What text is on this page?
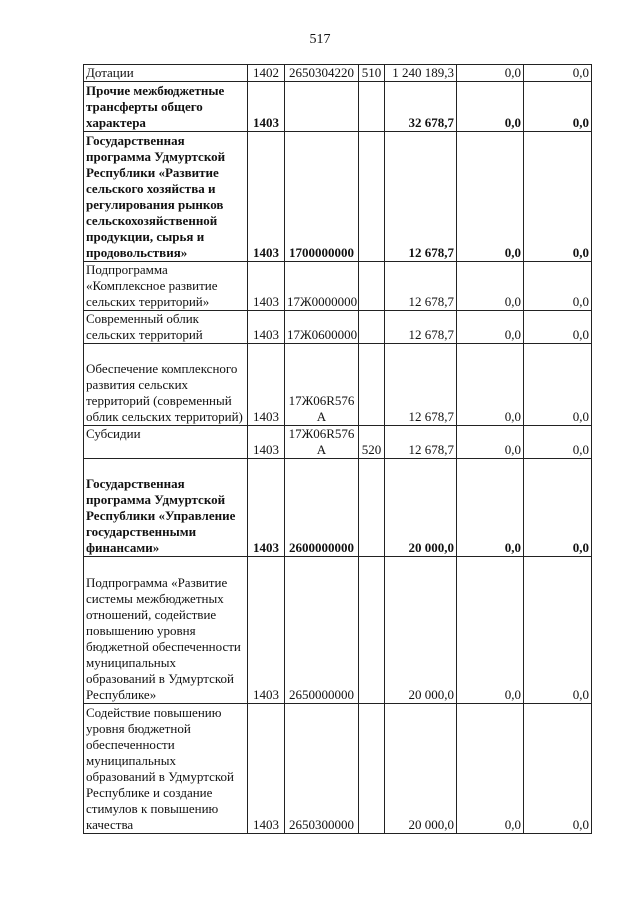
517
Дотации	1402	2650304220	510	1 240 189,3	0,0	0,0
Прочие межбюджетные трансферты общего характера	1403			32 678,7	0,0	0,0
Государственная программа Удмуртской Республики «Развитие сельского хозяйства и регулирования рынков сельскохозяйственной продукции, сырья и продовольствия»	1403	1700000000		12 678,7	0,0	0,0
Подпрограмма «Комплексное развитие сельских территорий»	1403	17Ж0000000		12 678,7	0,0	0,0
Современный облик сельских территорий	1403	17Ж0600000		12 678,7	0,0	0,0
Обеспечение комплексного развития сельских территорий (современный облик сельских территорий)	1403	17Ж06R576 А		12 678,7	0,0	0,0
Субсидии	1403	17Ж06R576 А	520	12 678,7	0,0	0,0
Государственная программа Удмуртской Республики «Управление государственными финансами»	1403	2600000000		20 000,0	0,0	0,0
Подпрограмма «Развитие системы межбюджетных отношений, содействие повышению уровня бюджетной обеспеченности муниципальных образований в Удмуртской Республике»	1403	2650000000		20 000,0	0,0	0,0
Содействие повышению уровня бюджетной обеспеченности муниципальных образований в Удмуртской Республике и создание стимулов к повышению качества	1403	2650300000		20 000,0	0,0	0,0
